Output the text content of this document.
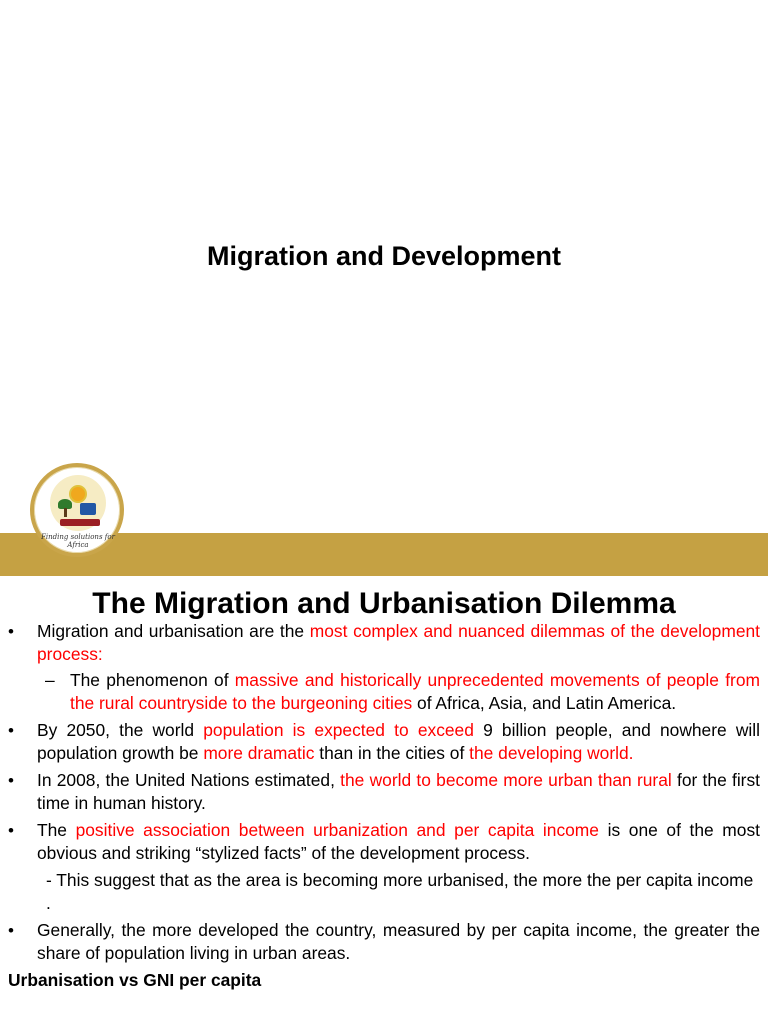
Migration and Development
Finding solutions for Africa
The Migration and Urbanisation Dilemma
• Migration and urbanisation are the most complex and nuanced dilemmas of the development process:
– The phenomenon of massive and historically unprecedented movements of people from the rural countryside to the burgeoning cities of Africa, Asia, and Latin America.
• By 2050, the world population is expected to exceed 9 billion people, and nowhere will population growth be more dramatic than in the cities of the developing world.
• In 2008, the United Nations estimated, the world to become more urban than rural for the first time in human history.
• The positive association between urbanization and per capita income is one of the most obvious and striking “stylized facts” of the development process.
- This suggest that as the area is becoming more urbanised, the more the per capita income .
• Generally, the more developed the country, measured by per capita income, the greater the share of population living in urban areas.
Urbanisation vs GNI per capita
